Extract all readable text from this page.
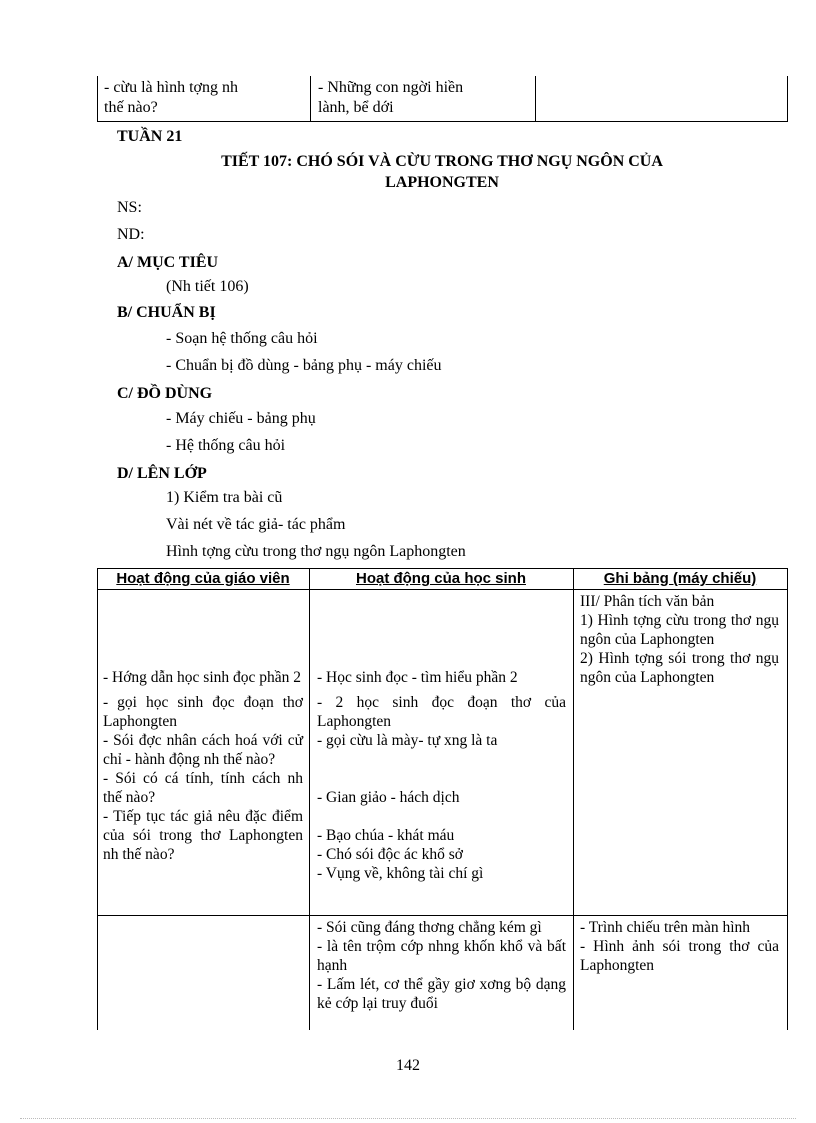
- cừu là hình tợng nh
thế nào?
- Những con ngời hiền
lành, bể dới
TUẦN 21
TIẾT 107: CHÓ SÓI VÀ CỪU TRONG THƠ NGỤ NGÔN CỦA
LAPHONGTEN
NS:
ND:
A/ MỤC TIÊU
(Nh tiết 106)
B/ CHUẨN BỊ
- Soạn hệ thống câu hỏi
- Chuẩn bị đồ dùng - bảng phụ - máy chiếu
C/ ĐỒ DÙNG
- Máy chiếu - bảng phụ
- Hệ thống câu hỏi
D/ LÊN LỚP
1) Kiểm tra bài cũ
Vài nét về tác giả- tác phẩm
Hình tợng cừu trong thơ ngụ ngôn Laphongten
Hoạt động của giáo viên	Hoạt động của học sinh	Ghi bảng (máy chiếu)

- Hớng dẫn học sinh đọc phần 2

- gọi học sinh đọc đoạn thơ Laphongten

- Sói đợc nhân cách hoá với cử chỉ - hành động nh thế nào?

- Sói có cá tính, tính cách nh thế nào?

- Tiếp tục tác giả nêu đặc điểm của sói trong thơ Laphongten nh thế nào?

- Học sinh đọc - tìm hiểu phần 2

- 2 học sinh đọc đoạn thơ của Laphongten

- gọi cừu là mày- tự xng là ta

- Gian giảo - hách dịch

- Bạo chúa - khát máu

- Chó sói độc ác khổ sở

- Vụng về, không tài chí gì

III/ Phân tích văn bản

1) Hình tợng cừu trong thơ ngụ ngôn của Laphongten

2) Hình tợng sói trong thơ ngụ ngôn của Laphongten

- Sói cũng đáng thơng chẳng kém gì

- là tên trộm cớp nhng khốn khổ và bất hạnh

- Lấm lét, cơ thể gầy giơ xơng bộ dạng kẻ cớp lại truy đuổi

- Trình chiếu trên màn hình

- Hình ảnh sói trong thơ của Laphongten

142
